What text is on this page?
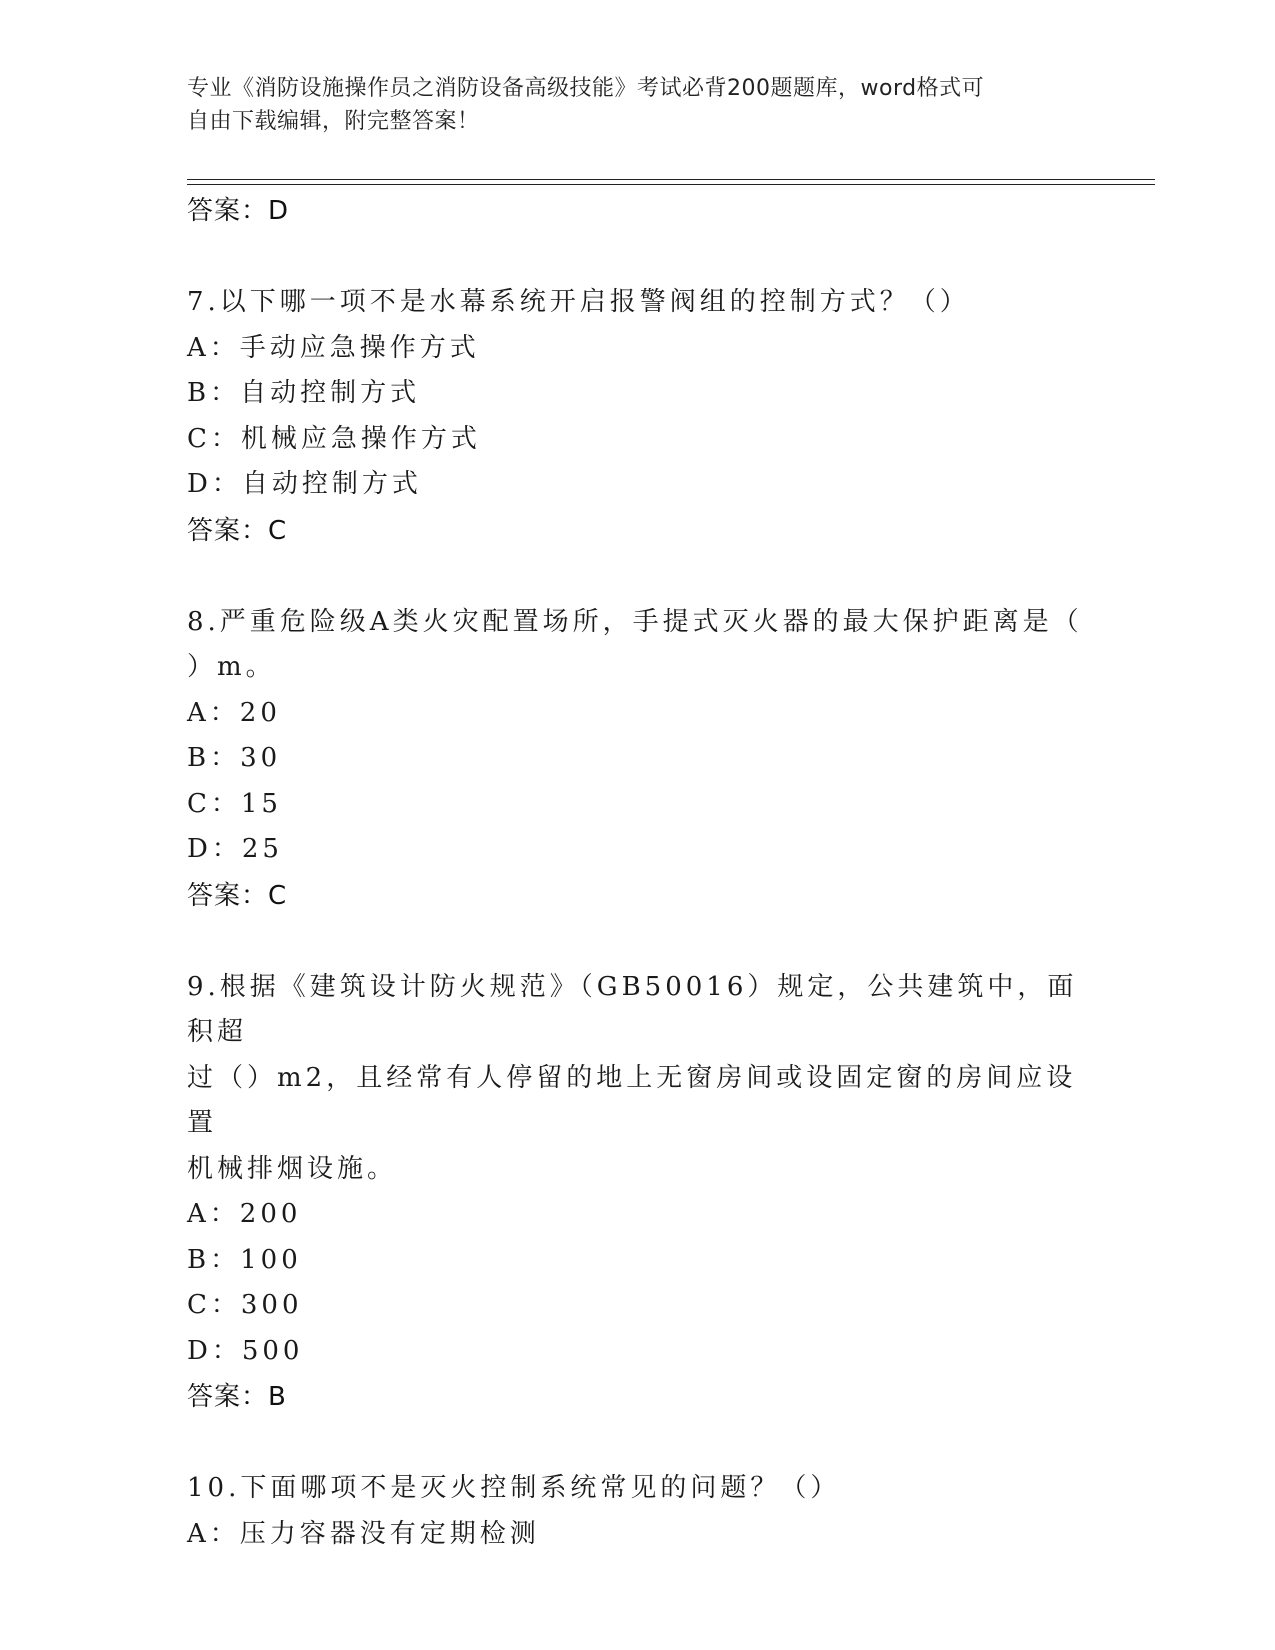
专业《消防设施操作员之消防设备高级技能》考试必背200题题库，word格式可
自由下载编辑，附完整答案！

答案：D

7.以下哪一项不是水幕系统开启报警阀组的控制方式？（）
A：手动应急操作方式
B：自动控制方式
C：机械应急操作方式
D：自动控制方式

答案：C

8.严重危险级A类火灾配置场所，手提式灭火器的最大保护距离是（
）m。
A：20
B：30
C：15
D：25

答案：C

9.根据《建筑设计防火规范》（GB50016）规定，公共建筑中，面积超
过（）m2，且经常有人停留的地上无窗房间或设固定窗的房间应设置
机械排烟设施。
A：200
B：100
C：300
D：500

答案：B

10.下面哪项不是灭火控制系统常见的问题？（）
A：压力容器没有定期检测
